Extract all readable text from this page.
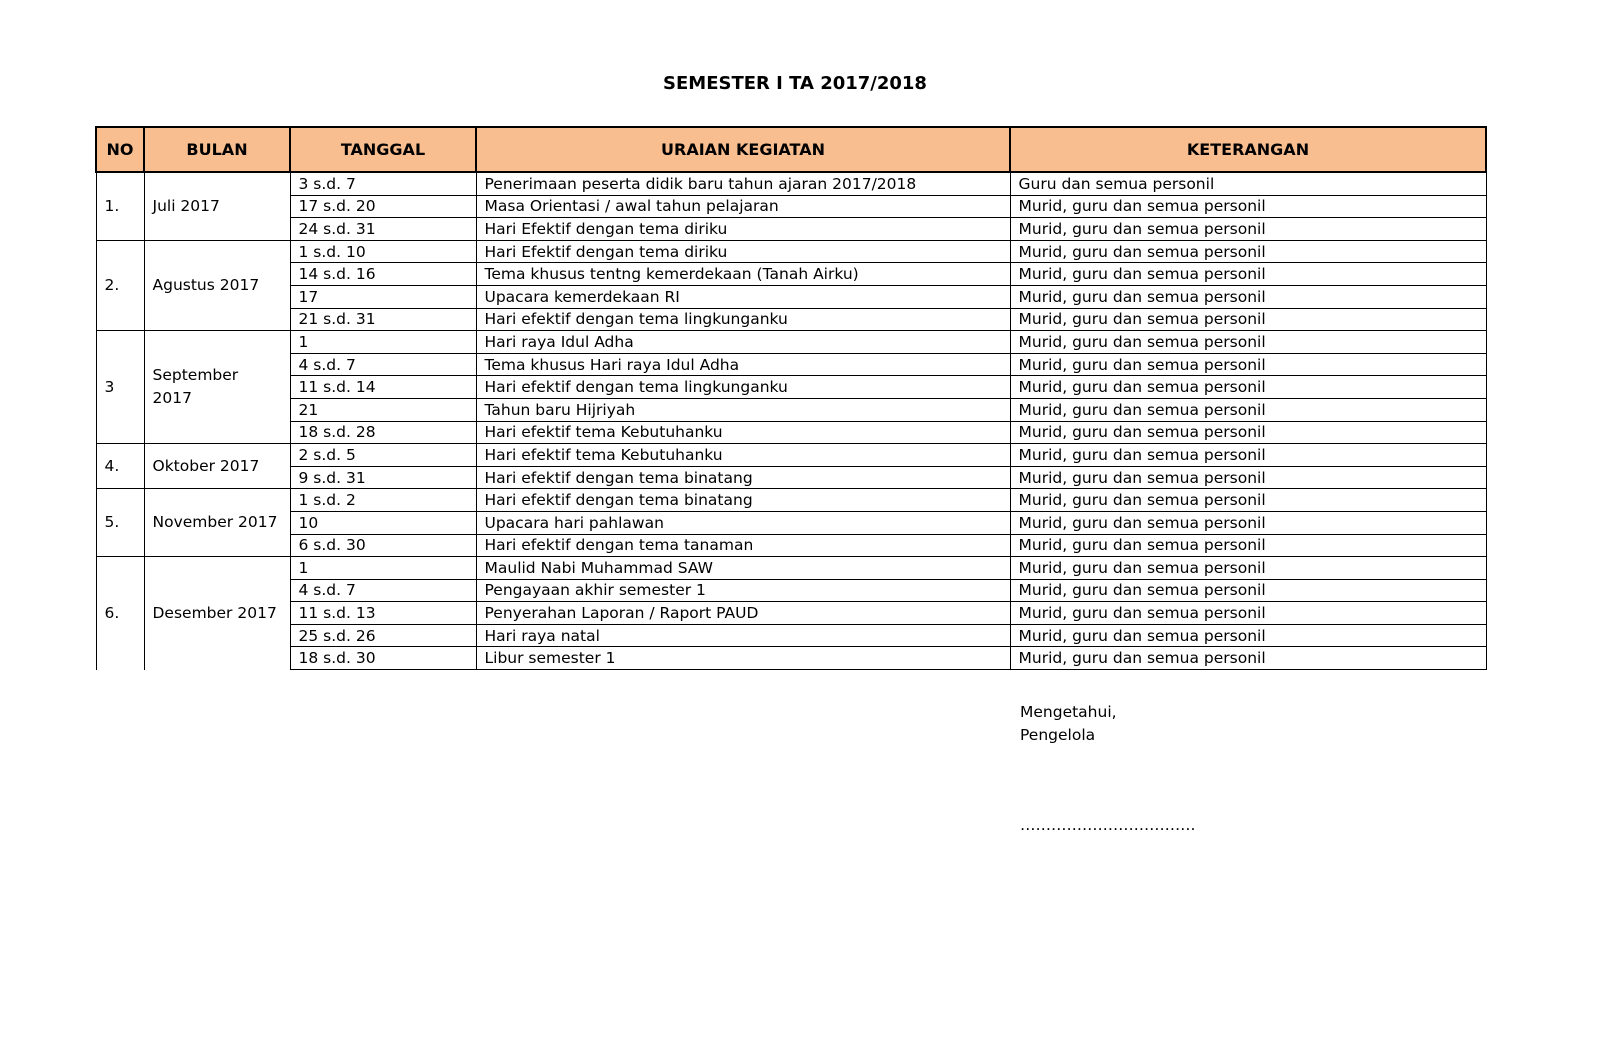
SEMESTER I TA 2017/2018
NO	BULAN	TANGGAL	URAIAN KEGIATAN	KETERANGAN
1.	Juli 2017	3 s.d. 7	Penerimaan peserta didik baru tahun ajaran 2017/2018	Guru dan semua personil
		17 s.d. 20	Masa Orientasi / awal tahun pelajaran	Murid, guru dan semua personil
		24 s.d. 31	Hari Efektif dengan tema diriku	Murid, guru dan semua personil
2.	Agustus 2017	1 s.d. 10	Hari Efektif dengan tema diriku	Murid, guru dan semua personil
		14 s.d. 16	Tema khusus tentng kemerdekaan (Tanah Airku)	Murid, guru dan semua personil
		17	Upacara kemerdekaan RI	Murid, guru dan semua personil
		21 s.d. 31	Hari efektif dengan tema lingkunganku	Murid, guru dan semua personil
3	September 2017	1	Hari raya Idul Adha	Murid, guru dan semua personil
		4 s.d. 7	Tema khusus Hari raya Idul Adha	Murid, guru dan semua personil
		11 s.d. 14	Hari efektif dengan tema lingkunganku	Murid, guru dan semua personil
		21	Tahun baru Hijriyah	Murid, guru dan semua personil
		18 s.d. 28	Hari efektif tema Kebutuhanku	Murid, guru dan semua personil
4.	Oktober 2017	2 s.d. 5	Hari efektif tema Kebutuhanku	Murid, guru dan semua personil
		9 s.d. 31	Hari efektif dengan tema binatang	Murid, guru dan semua personil
5.	November 2017	1 s.d. 2	Hari efektif dengan tema binatang	Murid, guru dan semua personil
		10	Upacara hari pahlawan	Murid, guru dan semua personil
		6 s.d. 30	Hari efektif dengan tema tanaman	Murid, guru dan semua personil
6.	Desember 2017	1	Maulid Nabi Muhammad SAW	Murid, guru dan semua personil
		4 s.d. 7	Pengayaan akhir semester 1	Murid, guru dan semua personil
		11 s.d. 13	Penyerahan Laporan / Raport PAUD	Murid, guru dan semua personil
		25 s.d. 26	Hari raya natal	Murid, guru dan semua personil
		18 s.d. 30	Libur semester 1	Murid, guru dan semua personil
Mengetahui,
Pengelola
…………………………….
